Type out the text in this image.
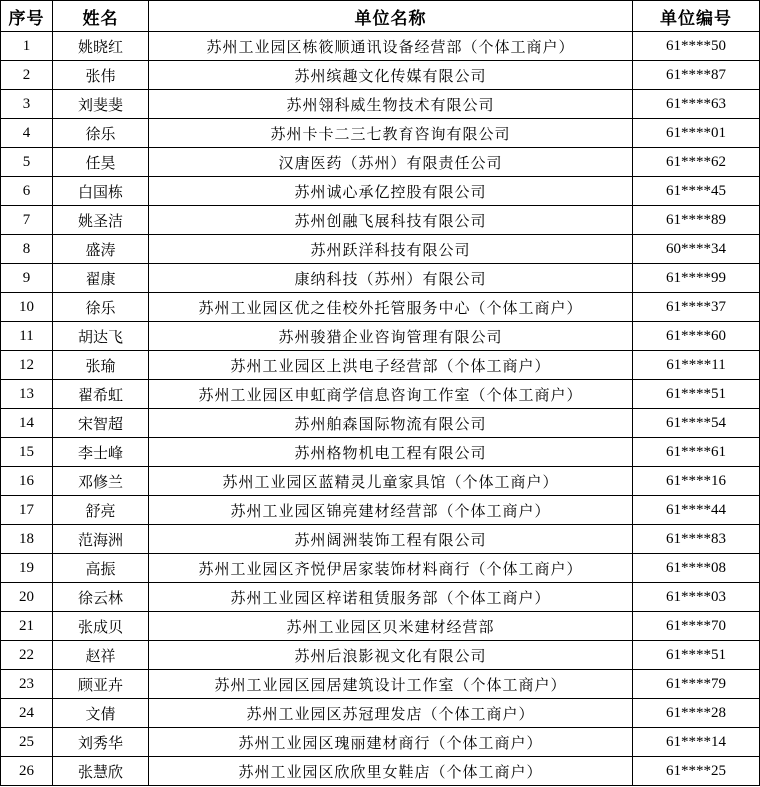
序号	姓名	单位名称	单位编号
1	姚晓红	苏州工业园区栋筱顺通讯设备经营部（个体工商户）	61****50
2	张伟	苏州缤趣文化传媒有限公司	61****87
3	刘斐斐	苏州翎科威生物技术有限公司	61****63
4	徐乐	苏州卡卡二三七教育咨询有限公司	61****01
5	任昊	汉唐医药（苏州）有限责任公司	61****62
6	白国栋	苏州诚心承亿控股有限公司	61****45
7	姚圣洁	苏州创融飞展科技有限公司	61****89
8	盛涛	苏州跃洋科技有限公司	60****34
9	翟康	康纳科技（苏州）有限公司	61****99
10	徐乐	苏州工业园区优之佳校外托管服务中心（个体工商户）	61****37
11	胡达飞	苏州骏猎企业咨询管理有限公司	61****60
12	张瑜	苏州工业园区上洪电子经营部（个体工商户）	61****11
13	翟希虹	苏州工业园区申虹商学信息咨询工作室（个体工商户）	61****51
14	宋智超	苏州舶森国际物流有限公司	61****54
15	李士峰	苏州格物机电工程有限公司	61****61
16	邓修兰	苏州工业园区蓝精灵儿童家具馆（个体工商户）	61****16
17	舒亮	苏州工业园区锦亮建材经营部（个体工商户）	61****44
18	范海洲	苏州阔洲装饰工程有限公司	61****83
19	高振	苏州工业园区齐悦伊居家装饰材料商行（个体工商户）	61****08
20	徐云林	苏州工业园区梓诺租赁服务部（个体工商户）	61****03
21	张成贝	苏州工业园区贝米建材经营部	61****70
22	赵祥	苏州后浪影视文化有限公司	61****51
23	顾亚卉	苏州工业园区园居建筑设计工作室（个体工商户）	61****79
24	文倩	苏州工业园区苏冠理发店（个体工商户）	61****28
25	刘秀华	苏州工业园区瑰丽建材商行（个体工商户）	61****14
26	张慧欣	苏州工业园区欣欣里女鞋店（个体工商户）	61****25
